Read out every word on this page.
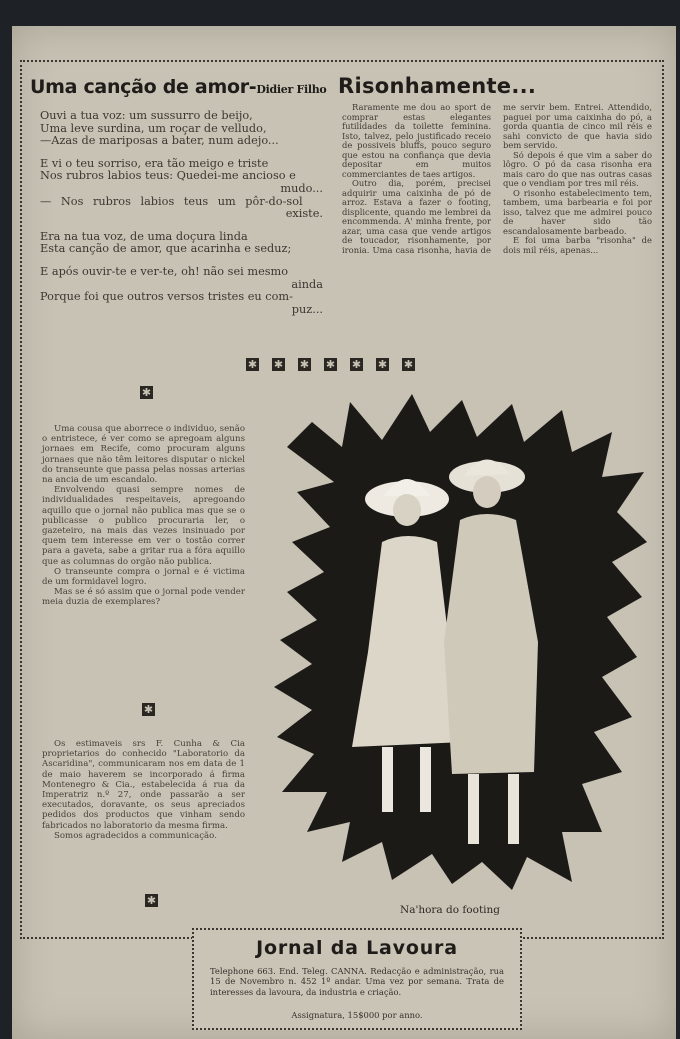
Uma canção de amor-Didier Filho
Ouvi a tua voz: um sussurro de beijo,
Uma leve surdina, um roçar de velludo,
—Azas de mariposas a bater, num adejo...
E vi o teu sorriso, era tão meigo e triste
Nos rubros labios teus: Quedei-me ancioso e
mudo...
— Nos rubros labios teus um pôr-do-sol
existe.
Era na tua voz, de uma doçura linda
Esta canção de amor, que acarinha e seduz;
E após ouvir-te e ver-te, oh! não sei mesmo
ainda
Porque foi que outros versos tristes eu com-
puz...
Risonhamente...

Raramente me dou ao sport de comprar estas elegantes futilidades da toilette feminina. Isto, talvez, pelo justificado receio de possiveis bluffs, pouco seguro que estou na confiança que devia depositar em muitos commerciantes de taes artigos.

Outro dia, porém, precisei adquirir uma caixinha de pó de arroz. Estava a fazer o footing, displicente, quando me lembrei da encommenda. A' minha frente, por azar, uma casa que vende artigos de toucador, risonhamente, por ironia. Uma casa risonha, havia de me servir bem. Entrei. Attendido, paguei por uma caixinha do pó, a gorda quantia de cinco mil réis e sahi convicto de que havia sido bem servido.

Só depois é que vim a saber do lôgro. O pó da casa risonha era mais caro do que nas outras casas que o vendiam por tres mil réis.

O risonho estabelecimento tem, tambem, uma barbearia e foi por isso, talvez que me admirei pouco de haver sido tão escandalosamente barbeado.

E foi uma barba "risonha" de dois mil réis, apenas...

✱ ✱ ✱ ✱ ✱ ✱ ✱
✱

Uma cousa que aborrece o individuo, senão o entristece, é ver como se apregoam alguns jornaes em Recife, como procuram alguns jornaes que não têm leitores disputar o nickel do transeunte que passa pelas nossas arterias na ancia de um escandalo.

Envolvendo quasi sempre nomes de individualidades respeitaveis, apregoando aquillo que o jornal não publica mas que se o publicasse o publico procuraria ler, o gazeteiro, na mais das vezes insinuado por quem tem interesse em ver o tostão correr para a gaveta, sabe a gritar rua a fóra aquillo que as columnas do orgão não publica.

O transeunte compra o jornal e é victima de um formidavel logro.

Mas se é só assim que o jornal pode vender meia duzia de exemplares?

✱

Os estimaveis srs F. Cunha & Cia proprietarios do conhecido "Laboratorio da Ascaridina", communicaram nos em data de 1 de maio haverem se incorporado á firma Montenegro & Cia., estabelecida á rua da Imperatriz n.º 27, onde passarão a ser executados, doravante, os seus apreciados pedidos dos productos que vinham sendo fabricados no laboratorio da mesma firma.

Somos agradecidos a communicação.

✱

Na'hora do footing

Jornal da Lavoura

Telephone 663. End. Teleg. CANNA. Redacção e administração, rua 15 de Novembro n. 452 1º andar. Uma vez por semana. Trata de interesses da lavoura, da industria e criação.

Assignatura, 15$000 por anno.
